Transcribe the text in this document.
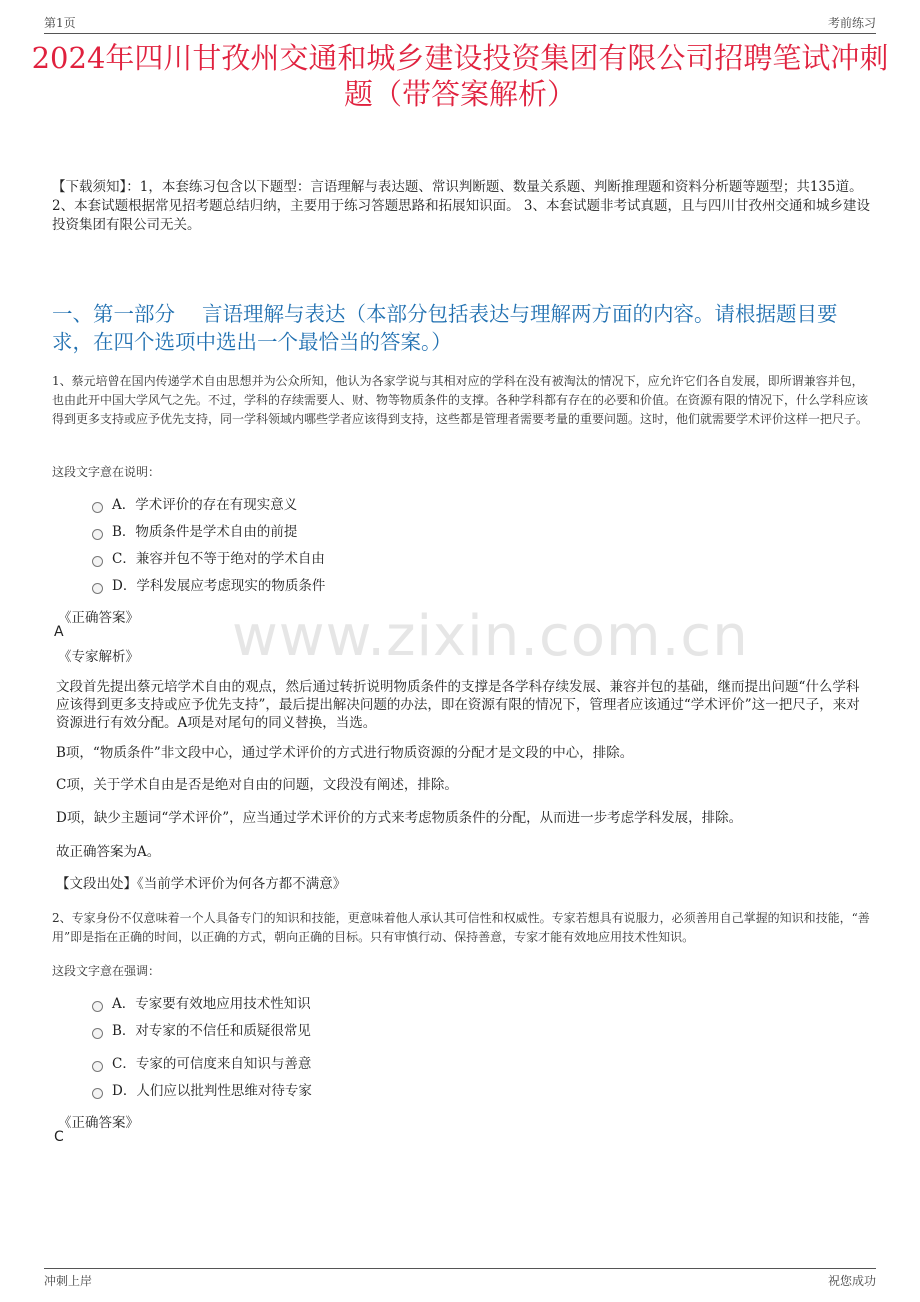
第1页	考前练习
2024年四川甘孜州交通和城乡建设投资集团有限公司招聘笔试冲刺题（带答案解析）
【下载须知】：1，本套练习包含以下题型：言语理解与表达题、常识判断题、数量关系题、判断推理题和资料分析题等题型；共135道。 2、本套试题根据常见招考题总结归纳，主要用于练习答题思路和拓展知识面。 3、本套试题非考试真题，且与四川甘孜州交通和城乡建设投资集团有限公司无关。
一、第一部分　 言语理解与表达（本部分包括表达与理解两方面的内容。请根据题目要求，在四个选项中选出一个最恰当的答案。）
www.zixin.com.cn
1、蔡元培曾在国内传递学术自由思想并为公众所知，他认为各家学说与其相对应的学科在没有被淘汰的情况下，应允许它们各自发展，即所谓兼容并包，也由此开中国大学风气之先。不过，学科的存续需要人、财、物等物质条件的支撑。各种学科都有存在的必要和价值。在资源有限的情况下，什么学科应该得到更多支持或应予优先支持，同一学科领域内哪些学者应该得到支持，这些都是管理者需要考量的重要问题。这时，他们就需要学术评价这样一把尺子。
这段文字意在说明：
A．学术评价的存在有现实意义
B．物质条件是学术自由的前提
C．兼容并包不等于绝对的学术自由
D．学科发展应考虑现实的物质条件
《正确答案》
A
《专家解析》
文段首先提出蔡元培学术自由的观点，然后通过转折说明物质条件的支撑是各学科存续发展、兼容并包的基础，继而提出问题“什么学科应该得到更多支持或应予优先支持”，最后提出解决问题的办法，即在资源有限的情况下，管理者应该通过“学术评价”这一把尺子，来对资源进行有效分配。A项是对尾句的同义替换，当选。
B项，“物质条件”非文段中心，通过学术评价的方式进行物质资源的分配才是文段的中心，排除。
C项，关于学术自由是否是绝对自由的问题，文段没有阐述，排除。
D项，缺少主题词“学术评价”，应当通过学术评价的方式来考虑物质条件的分配，从而进一步考虑学科发展，排除。
故正确答案为A。
【文段出处】《当前学术评价为何各方都不满意》
2、专家身份不仅意味着一个人具备专门的知识和技能，更意味着他人承认其可信性和权威性。专家若想具有说服力，必须善用自己掌握的知识和技能，“善用”即是指在正确的时间，以正确的方式，朝向正确的目标。只有审慎行动、保持善意，专家才能有效地应用技术性知识。
这段文字意在强调：
A．专家要有效地应用技术性知识
B．对专家的不信任和质疑很常见
C．专家的可信度来自知识与善意
D．人们应以批判性思维对待专家
《正确答案》
C
冲刺上岸	祝您成功
